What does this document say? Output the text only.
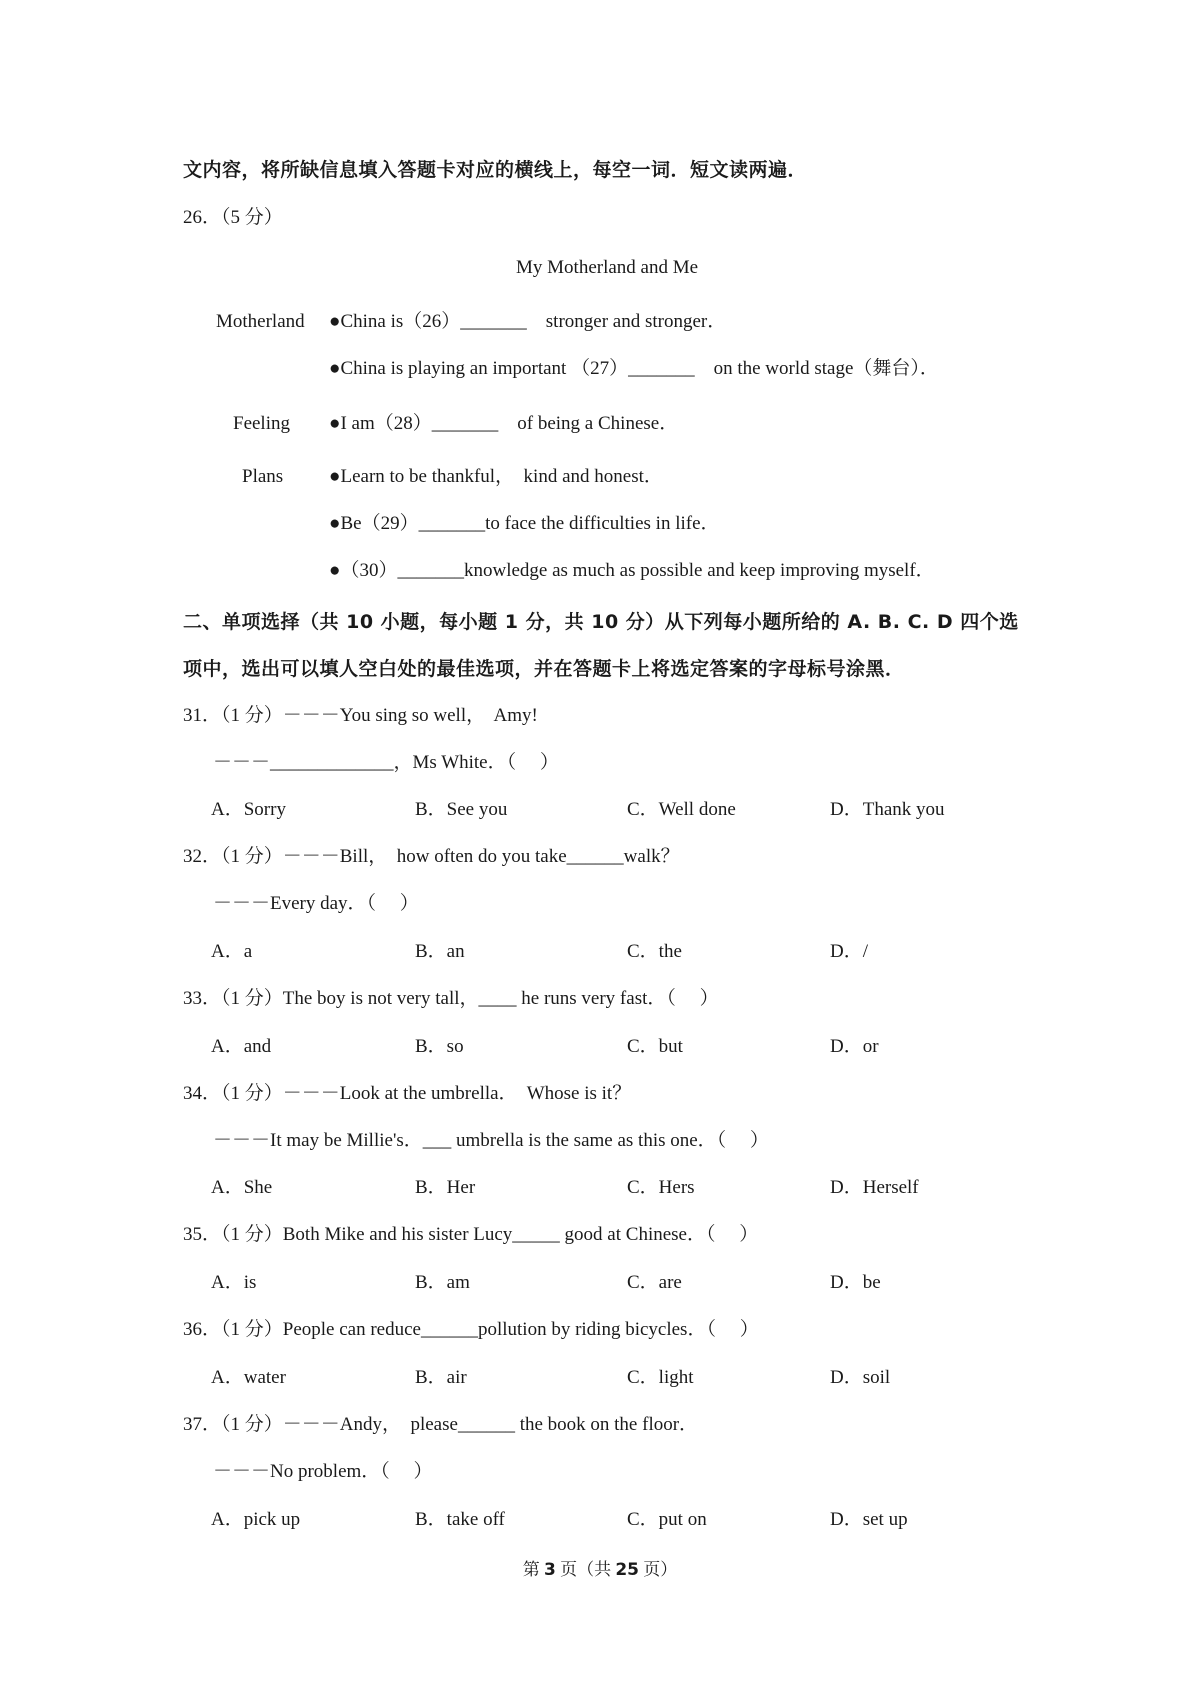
文内容，将所缺信息填入答题卡对应的横线上，每空一词．短文读两遍．
26．（5 分）
My Motherland and Me
Motherland ●China is（26）_______    stronger and stronger．
●China is playing an important （27）_______    on the world stage（舞台）．
Feeling ●I am（28）_______    of being a Chinese．
Plans ●Learn to be thankful，  kind and honest．
●Be（29）_______to face the difficulties in life．
●（30）_______knowledge as much as possible and keep improving myself．
二、单项选择（共 10 小题，每小题 1 分，共 10 分）从下列每小题所给的 A. B. C. D 四个选
项中，选出可以填人空白处的最佳选项，并在答题卡上将选定答案的字母标号涂黑．
31．（1 分）－－－You sing so well，  Amy!
－－－_____________，Ms White．（     ）
A．Sorry	B．See you	C．Well done	D．Thank you
32．（1 分）－－－Bill，  how often do you take______walk？
－－－Every day．（     ）
A．a	B．an	C．the	D．/
33．（1 分）The boy is not very tall，____ he runs very fast．（     ）
A．and	B．so	C．but	D．or
34．（1 分）－－－Look at the umbrella．  Whose is it？
－－－It may be Millie's．___ umbrella is the same as this one．（     ）
A．She	B．Her	C．Hers	D．Herself
35．（1 分）Both Mike and his sister Lucy_____ good at Chinese．（     ）
A．is	B．am	C．are	D．be
36．（1 分）People can reduce______pollution by riding bicycles．（     ）
A．water	B．air	C．light	D．soil
37．（1 分）－－－Andy，  please______ the book on the floor．
－－－No problem．（     ）
A．pick up	B．take off	C．put on	D．set up
第 3 页（共 25 页）
